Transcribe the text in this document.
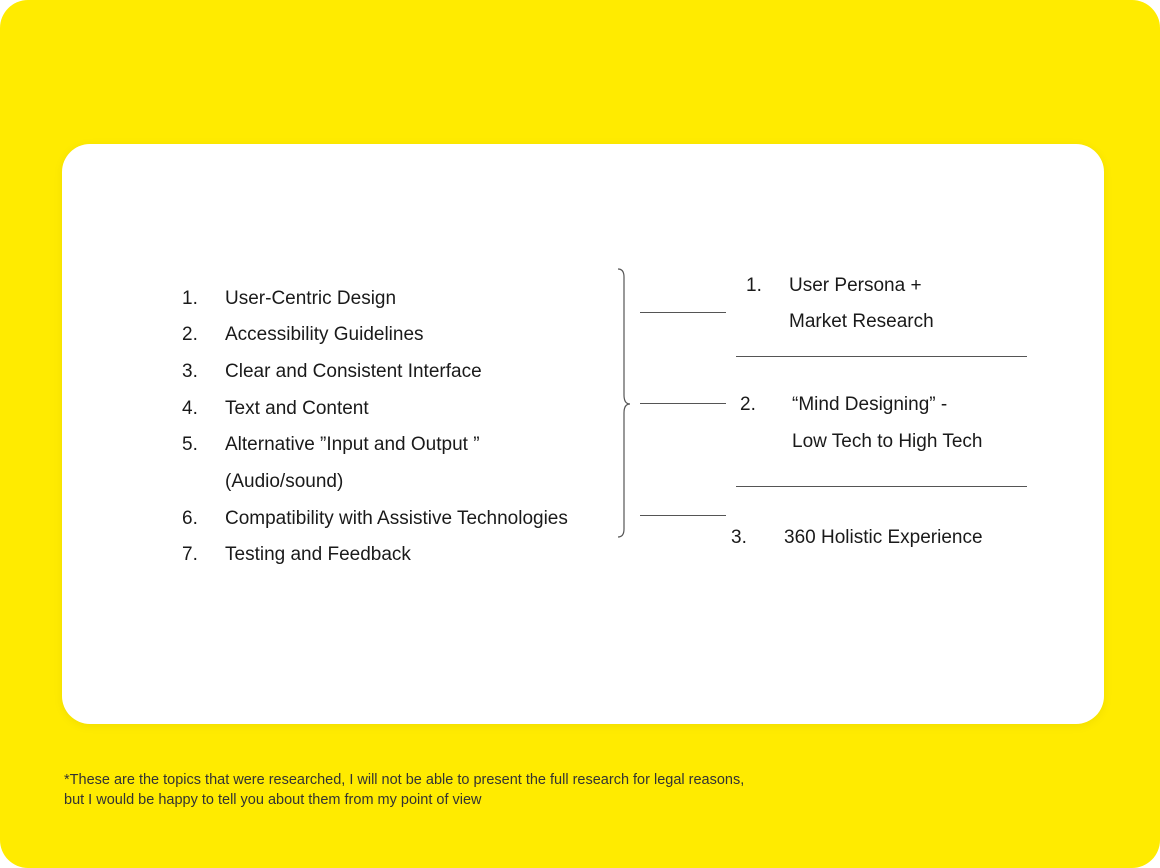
1. User-Centric Design
2. Accessibility Guidelines
3. Clear and Consistent Interface
4. Text and Content
5. Alternative ”Input and Output ”
(Audio/sound)
6. Compatibility with Assistive Technologies
7. Testing and Feedback
1. User Persona +
Market Research
2. “Mind Designing” -
Low Tech to High Tech
3. 360 Holistic Experience
*These are the topics that were researched, I will not be able to present the full research for legal reasons, but I would be happy to tell you about them from my point of view
